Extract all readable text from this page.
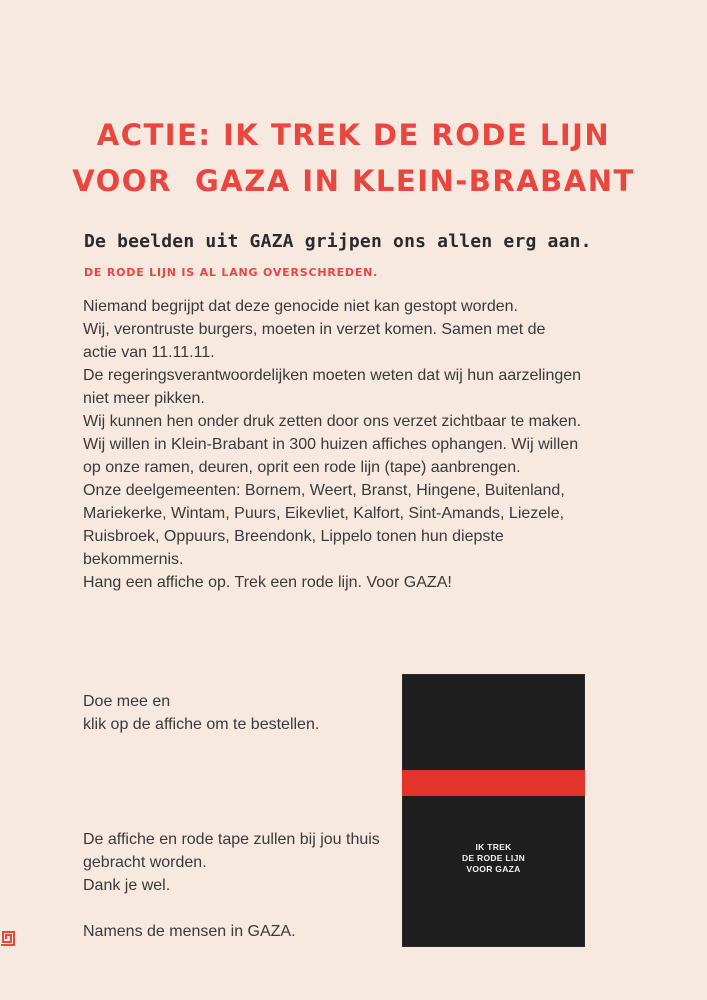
ACTIE: IK TREK DE RODE LIJN
VOOR  GAZA IN KLEIN-BRABANT
De beelden uit GAZA grijpen ons allen erg aan.
DE RODE LIJN IS AL LANG OVERSCHREDEN.
Niemand begrijpt dat deze genocide niet kan gestopt worden.
Wij, verontruste burgers, moeten in verzet komen. Samen met de actie van 11.11.11.
De regeringsverantwoordelijken moeten weten dat wij hun aarzelingen niet meer pikken.
Wij kunnen hen onder druk zetten door ons verzet zichtbaar te maken.
Wij willen in Klein-Brabant in 300 huizen affiches ophangen. Wij willen op onze ramen, deuren, oprit een rode lijn (tape) aanbrengen.
Onze deelgemeenten: Bornem, Weert, Branst, Hingene, Buitenland, Mariekerke, Wintam, Puurs, Eikevliet, Kalfort, Sint-Amands, Liezele, Ruisbroek, Oppuurs, Breendonk, Lippelo tonen hun diepste bekommernis.
Hang een affiche op. Trek een rode lijn. Voor GAZA!
Doe mee en
klik op de affiche om te bestellen.
De affiche en rode tape zullen bij jou thuis gebracht worden.
Dank je wel.
Namens de mensen in GAZA.
IK TREK
DE RODE LIJN
VOOR GAZA
